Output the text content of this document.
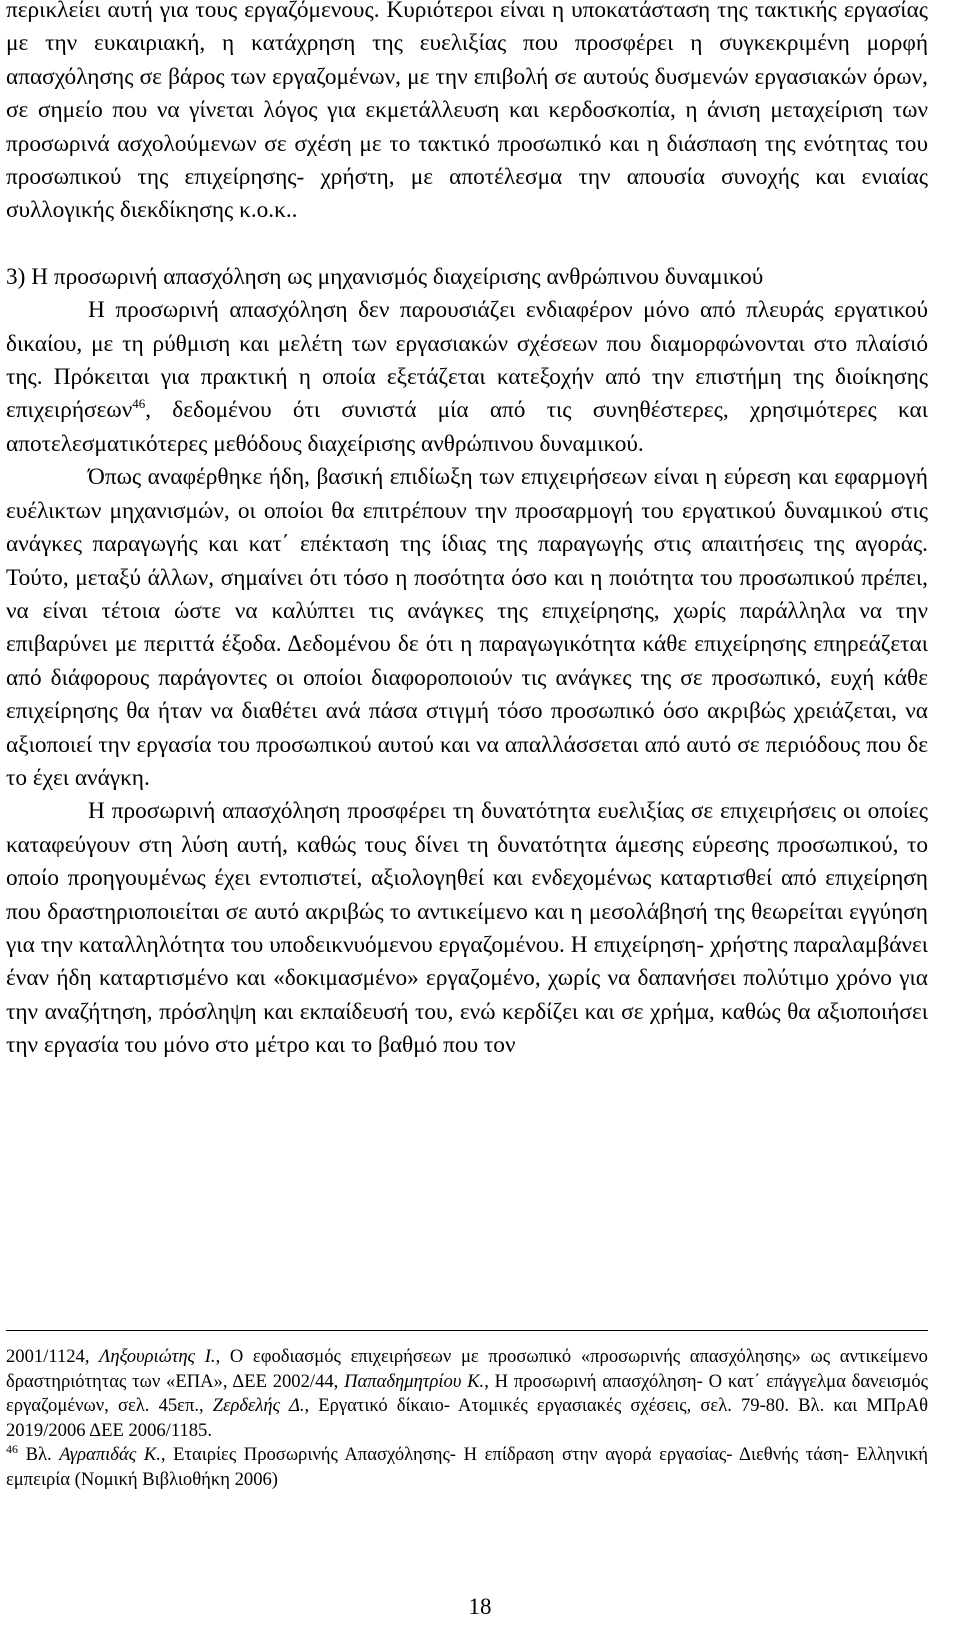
περικλείει αυτή για τους εργαζόμενους. Κυριότεροι είναι η υποκατάσταση της τακτικής εργασίας με την ευκαιριακή, η κατάχρηση της ευελιξίας που προσφέρει η συγκεκριμένη μορφή απασχόλησης σε βάρος των εργαζομένων, με την επιβολή σε αυτούς δυσμενών εργασιακών όρων, σε σημείο που να γίνεται λόγος για εκμετάλλευση και κερδοσκοπία, η άνιση μεταχείριση των προσωρινά ασχολούμενων σε σχέση με το τακτικό προσωπικό και η διάσπαση της ενότητας του προσωπικού της επιχείρησης- χρήστη, με αποτέλεσμα την απουσία συνοχής και ενιαίας συλλογικής διεκδίκησης κ.ο.κ..

3) Η προσωρινή απασχόληση ως μηχανισμός διαχείρισης ανθρώπινου δυναμικού

Η προσωρινή απασχόληση δεν παρουσιάζει ενδιαφέρον μόνο από πλευράς εργατικού δικαίου, με τη ρύθμιση και μελέτη των εργασιακών σχέσεων που διαμορφώνονται στο πλαίσιό της. Πρόκειται για πρακτική η οποία εξετάζεται κατεξοχήν από την επιστήμη της διοίκησης επιχειρήσεων$^{46}$, δεδομένου ότι συνιστά μία από τις συνηθέστερες, χρησιμότερες και αποτελεσματικότερες μεθόδους διαχείρισης ανθρώπινου δυναμικού.

Όπως αναφέρθηκε ήδη, βασική επιδίωξη των επιχειρήσεων είναι η εύρεση και εφαρμογή ευέλικτων μηχανισμών, οι οποίοι θα επιτρέπουν την προσαρμογή του εργατικού δυναμικού στις ανάγκες παραγωγής και κατ΄ επέκταση της ίδιας της παραγωγής στις απαιτήσεις της αγοράς. Τούτο, μεταξύ άλλων, σημαίνει ότι τόσο η ποσότητα όσο και η ποιότητα του προσωπικού πρέπει, να είναι τέτοια ώστε να καλύπτει τις ανάγκες της επιχείρησης, χωρίς παράλληλα να την επιβαρύνει με περιττά έξοδα. Δεδομένου δε ότι η παραγωγικότητα κάθε επιχείρησης επηρεάζεται από διάφορους παράγοντες οι οποίοι διαφοροποιούν τις ανάγκες της σε προσωπικό, ευχή κάθε επιχείρησης θα ήταν να διαθέτει ανά πάσα στιγμή τόσο προσωπικό όσο ακριβώς χρειάζεται, να αξιοποιεί την εργασία του προσωπικού αυτού και να απαλλάσσεται από αυτό σε περιόδους που δε το έχει ανάγκη.

Η προσωρινή απασχόληση προσφέρει τη δυνατότητα ευελιξίας σε επιχειρήσεις οι οποίες καταφεύγουν στη λύση αυτή, καθώς τους δίνει τη δυνατότητα άμεσης εύρεσης προσωπικού, το οποίο προηγουμένως έχει εντοπιστεί, αξιολογηθεί και ενδεχομένως καταρτισθεί από επιχείρηση που δραστηριοποιείται σε αυτό ακριβώς το αντικείμενο και η μεσολάβησή της θεωρείται εγγύηση για την καταλληλότητα του υποδεικνυόμενου εργαζομένου. Η επιχείρηση- χρήστης παραλαμβάνει έναν ήδη καταρτισμένο και «δοκιμασμένο» εργαζομένο, χωρίς να δαπανήσει πολύτιμο χρόνο για την αναζήτηση, πρόσληψη και εκπαίδευσή του, ενώ κερδίζει και σε χρήμα, καθώς θα αξιοποιήσει την εργασία του μόνο στο μέτρο και το βαθμό που τον

2001/1124, Ληξουριώτης Ι., Ο εφοδιασμός επιχειρήσεων με προσωπικό «προσωρινής απασχόλησης» ως αντικείμενο δραστηριότητας των «ΕΠΑ», ΔΕΕ 2002/44, Παπαδημητρίου Κ., Η προσωρινή απασχόληση- Ο κατ΄ επάγγελμα δανεισμός εργαζομένων, σελ. 45επ., Ζερδελής Δ., Εργατικό δίκαιο- Ατομικές εργασιακές σχέσεις, σελ. 79-80. Βλ. και ΜΠρΑθ 2019/2006 ΔΕΕ 2006/1185.

$^{46}$ Βλ. Αγραπιδάς Κ., Εταιρίες Προσωρινής Απασχόλησης- Η επίδραση στην αγορά εργασίας- Διεθνής τάση- Ελληνική εμπειρία (Νομική Βιβλιοθήκη 2006)

18
